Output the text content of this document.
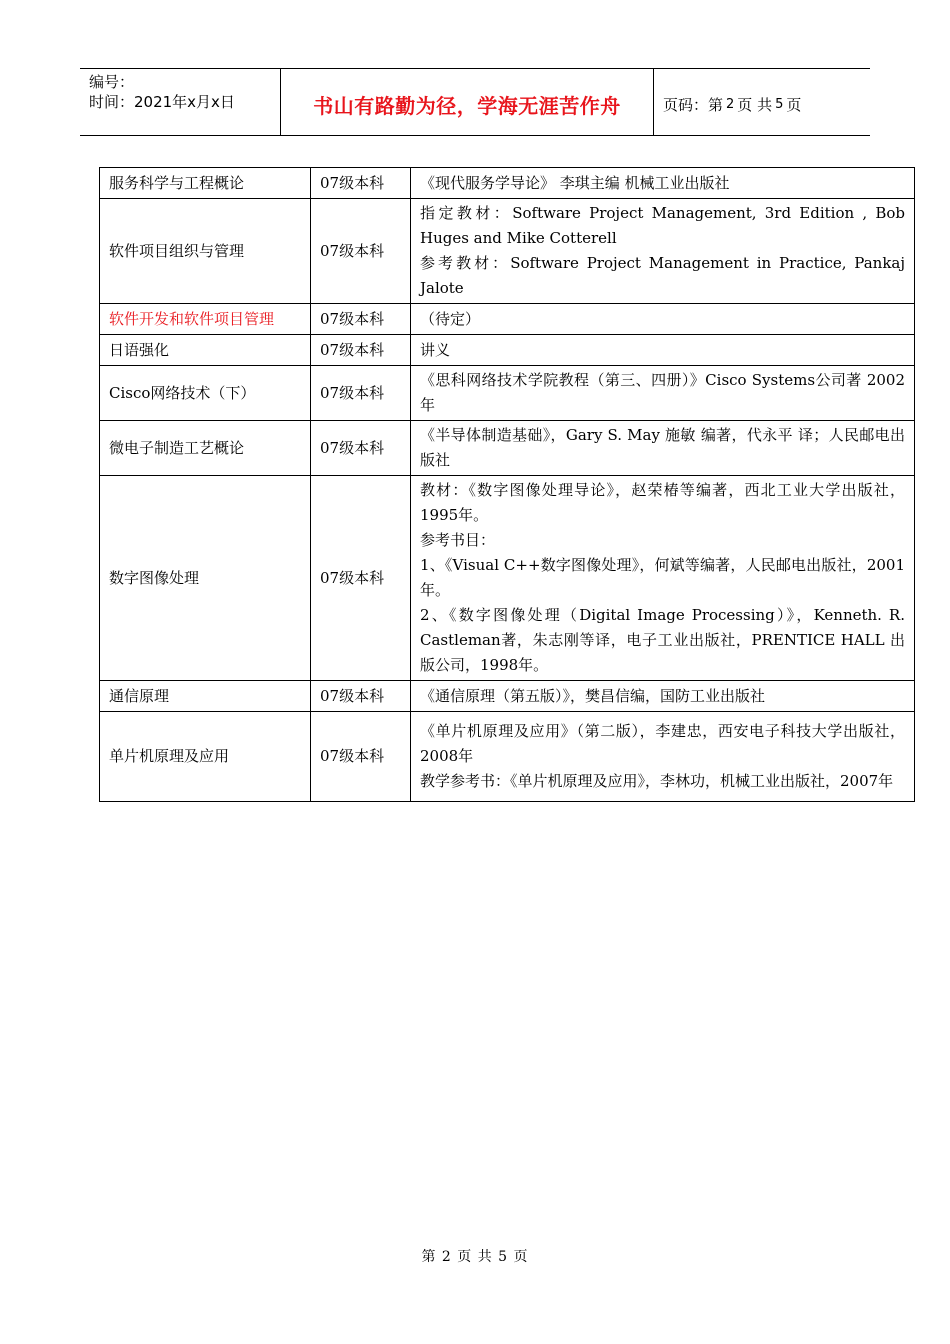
编号：
时间：2021年x月x日	书山有路勤为径，学海无涯苦作舟	页码：第 2 页 共 5 页
服务科学与工程概论	07级本科	《现代服务学导论》 李琪主编 机械工业出版社

软件项目组织与管理	07级本科	指定教材：Software Project Management, 3rd Edition , Bob Huges and Mike Cotterell
参考教材：Software Project Management in Practice, Pankaj Jalote

软件开发和软件项目管理	07级本科	（待定）

日语强化	07级本科	讲义

Cisco网络技术（下）	07级本科	《思科网络技术学院教程（第三、四册）》Cisco Systems公司著 2002年

微电子制造工艺概论	07级本科	《半导体制造基础》，Gary S. May 施敏 编著，代永平 译；人民邮电出版社

数字图像处理	07级本科	教材：《数字图像处理导论》，赵荣椿等编著，西北工业大学出版社，1995年。
参考书目：
1、《Visual C++数字图像处理》，何斌等编著，人民邮电出版社，2001年。
2、《数字图像处理（Digital Image Processing）》，Kenneth. R. Castleman著，朱志刚等译，电子工业出版社，PRENTICE HALL 出版公司，1998年。

通信原理	07级本科	《通信原理（第五版）》，樊昌信编，国防工业出版社

单片机原理及应用	07级本科	《单片机原理及应用》（第二版），李建忠，西安电子科技大学出版社，2008年
教学参考书：《单片机原理及应用》，李林功，机械工业出版社，2007年
第 2 页 共 5 页
